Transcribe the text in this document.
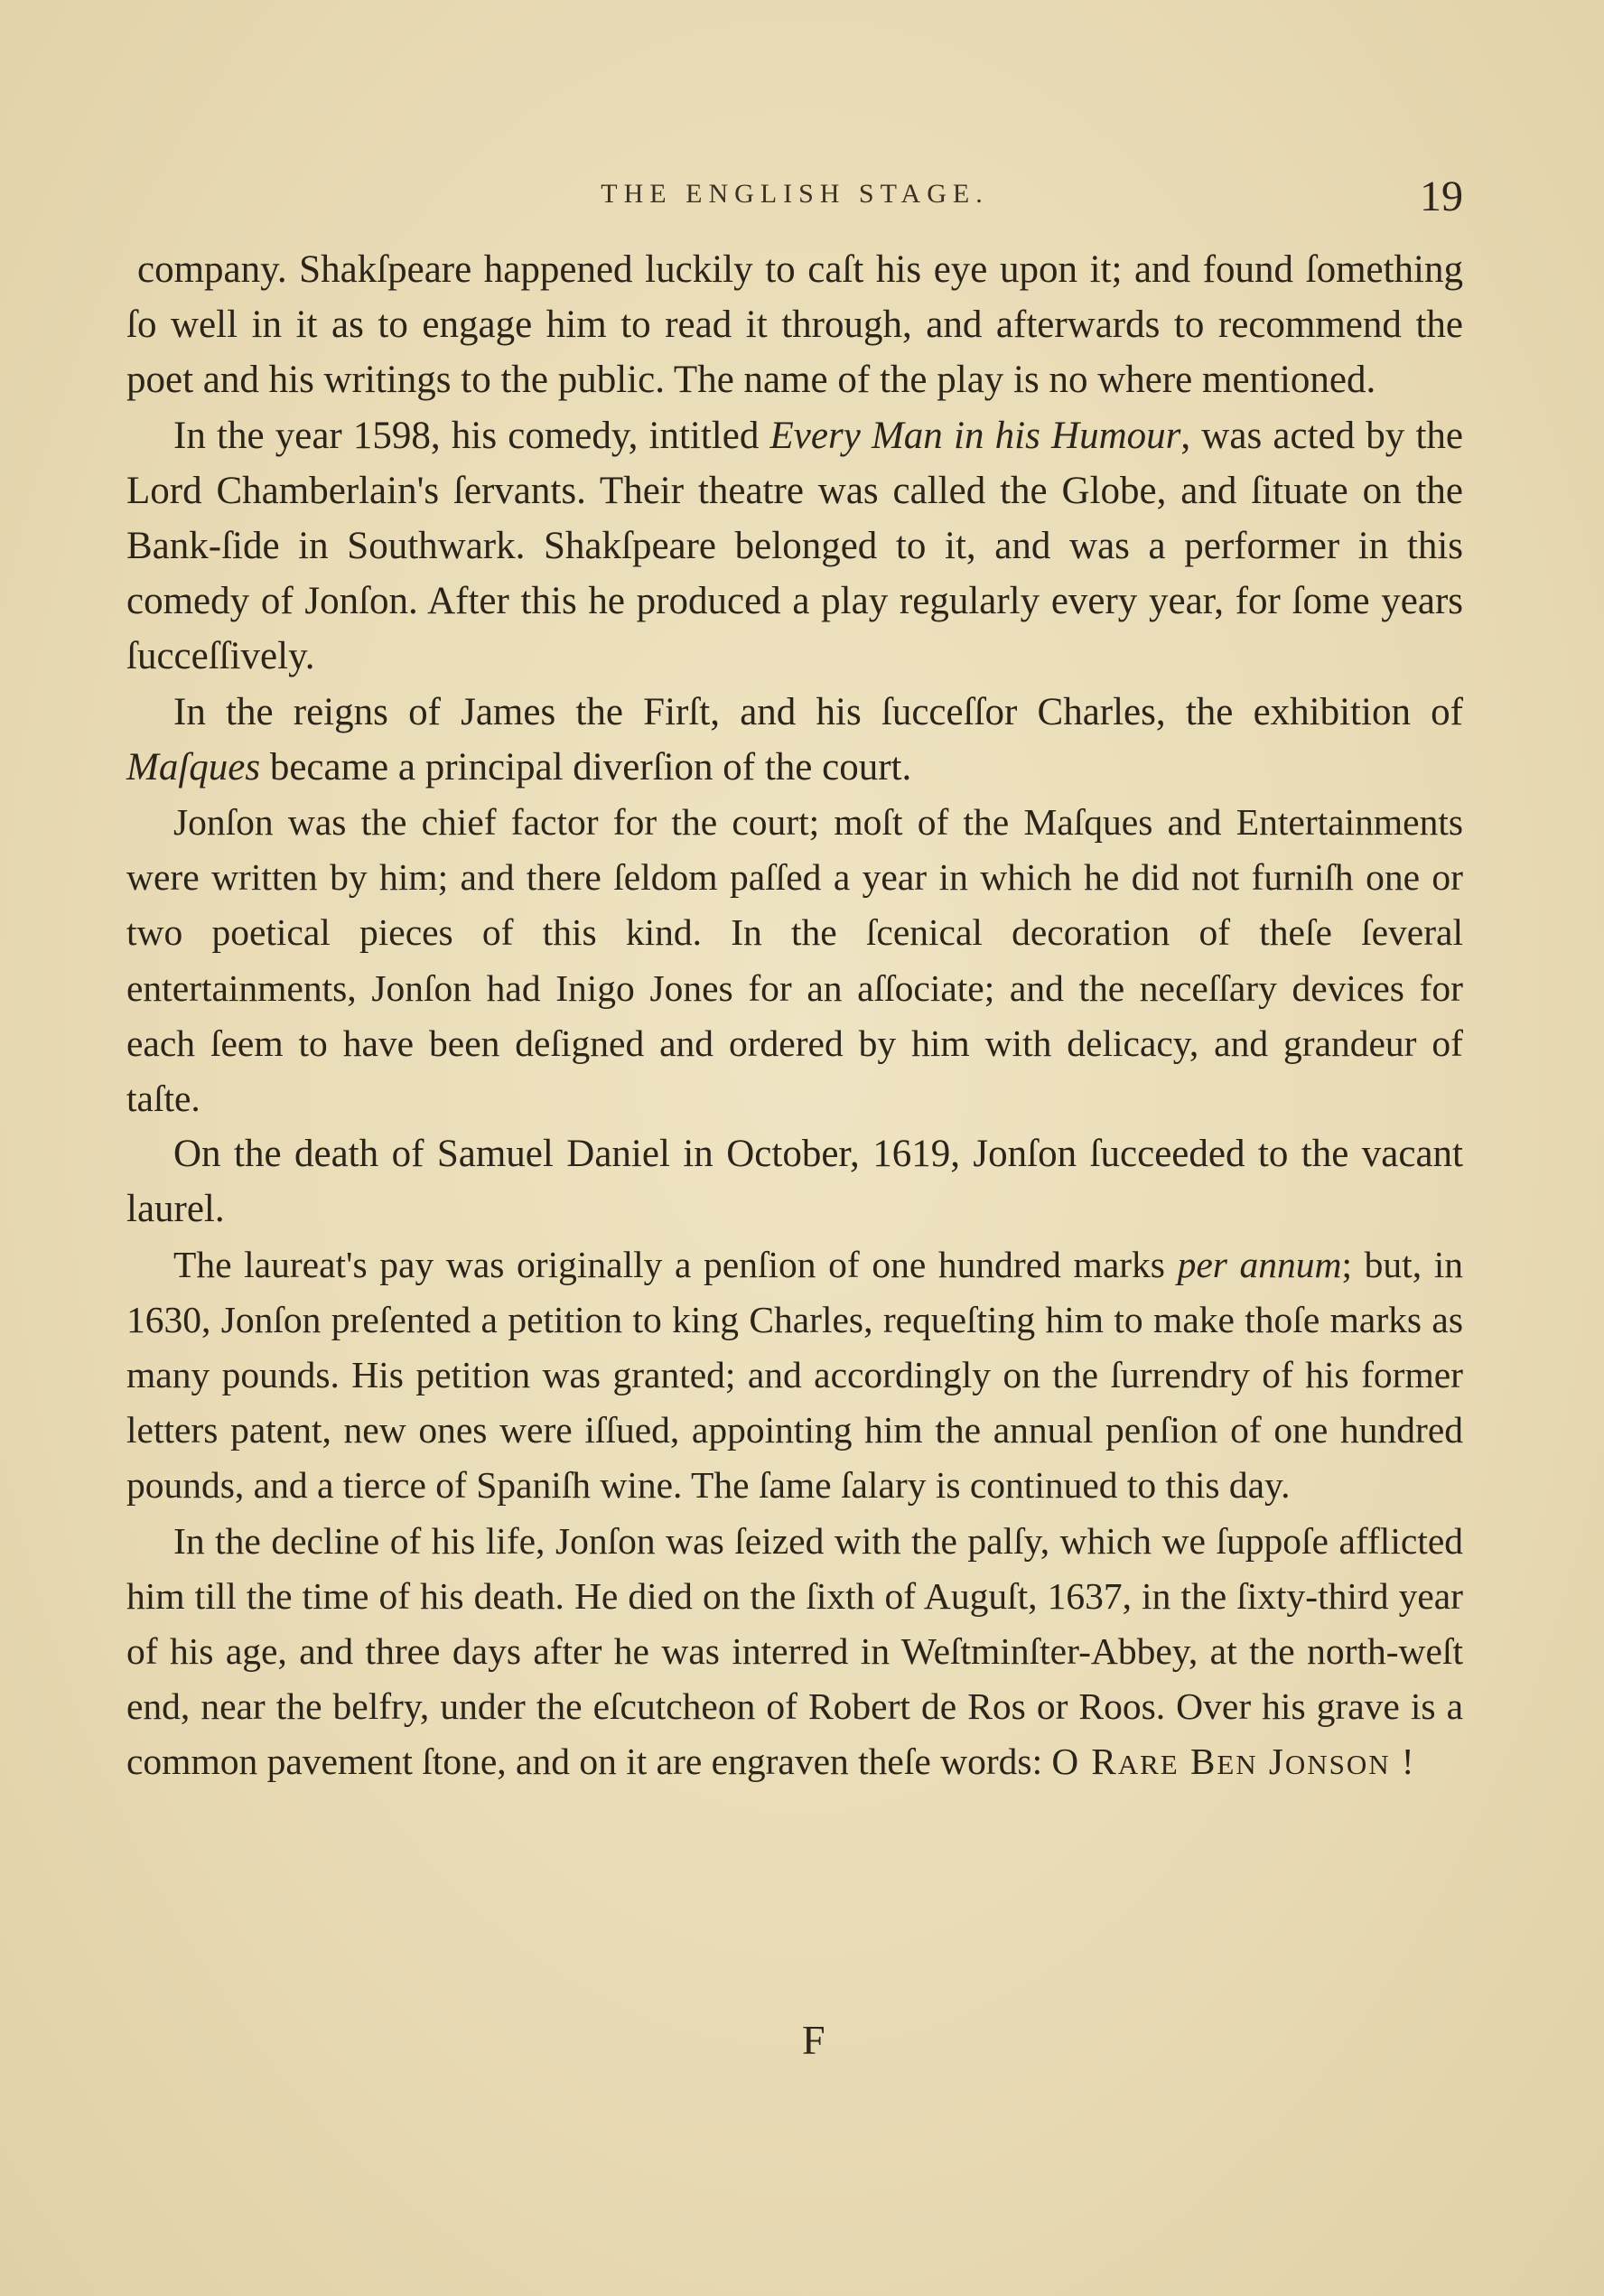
THE ENGLISH STAGE.	19

company. Shakſpeare happened luckily to caſt his eye upon it; and found ſomething ſo well in it as to engage him to read it through, and afterwards to recommend the poet and his writings to the public. The name of the play is no where mentioned.

In the year 1598, his comedy, intitled Every Man in his Humour, was acted by the Lord Chamberlain's ſervants. Their theatre was called the Globe, and ſituate on the Bank-ſide in Southwark. Shakſpeare belonged to it, and was a performer in this comedy of Jonſon. After this he produced a play regularly every year, for ſome years ſucceſſively.

In the reigns of James the Firſt, and his ſucceſſor Charles, the exhibition of Maſques became a principal diverſion of the court.

Jonſon was the chief factor for the court; moſt of the Maſques and Entertainments were written by him; and there ſeldom paſſed a year in which he did not furniſh one or two poetical pieces of this kind. In the ſcenical decoration of theſe ſeveral entertainments, Jonſon had Inigo Jones for an aſſociate; and the neceſſary devices for each ſeem to have been deſigned and ordered by him with delicacy, and grandeur of taſte.

On the death of Samuel Daniel in October, 1619, Jonſon ſucceeded to the vacant laurel.

The laureat's pay was originally a penſion of one hundred marks per annum; but, in 1630, Jonſon preſented a petition to king Charles, requeſting him to make thoſe marks as many pounds. His petition was granted; and accordingly on the ſurrendry of his former letters patent, new ones were iſſued, appointing him the annual penſion of one hundred pounds, and a tierce of Spaniſh wine. The ſame ſalary is continued to this day.

In the decline of his life, Jonſon was ſeized with the palſy, which we ſuppoſe afflicted him till the time of his death. He died on the ſixth of Auguſt, 1637, in the ſixty-third year of his age, and three days after he was interred in Weſtminſter-Abbey, at the north-weſt end, near the belfry, under the eſcutcheon of Robert de Ros or Roos. Over his grave is a common pavement ſtone, and on it are engraven theſe words: O RARE BEN JONSON !

F
